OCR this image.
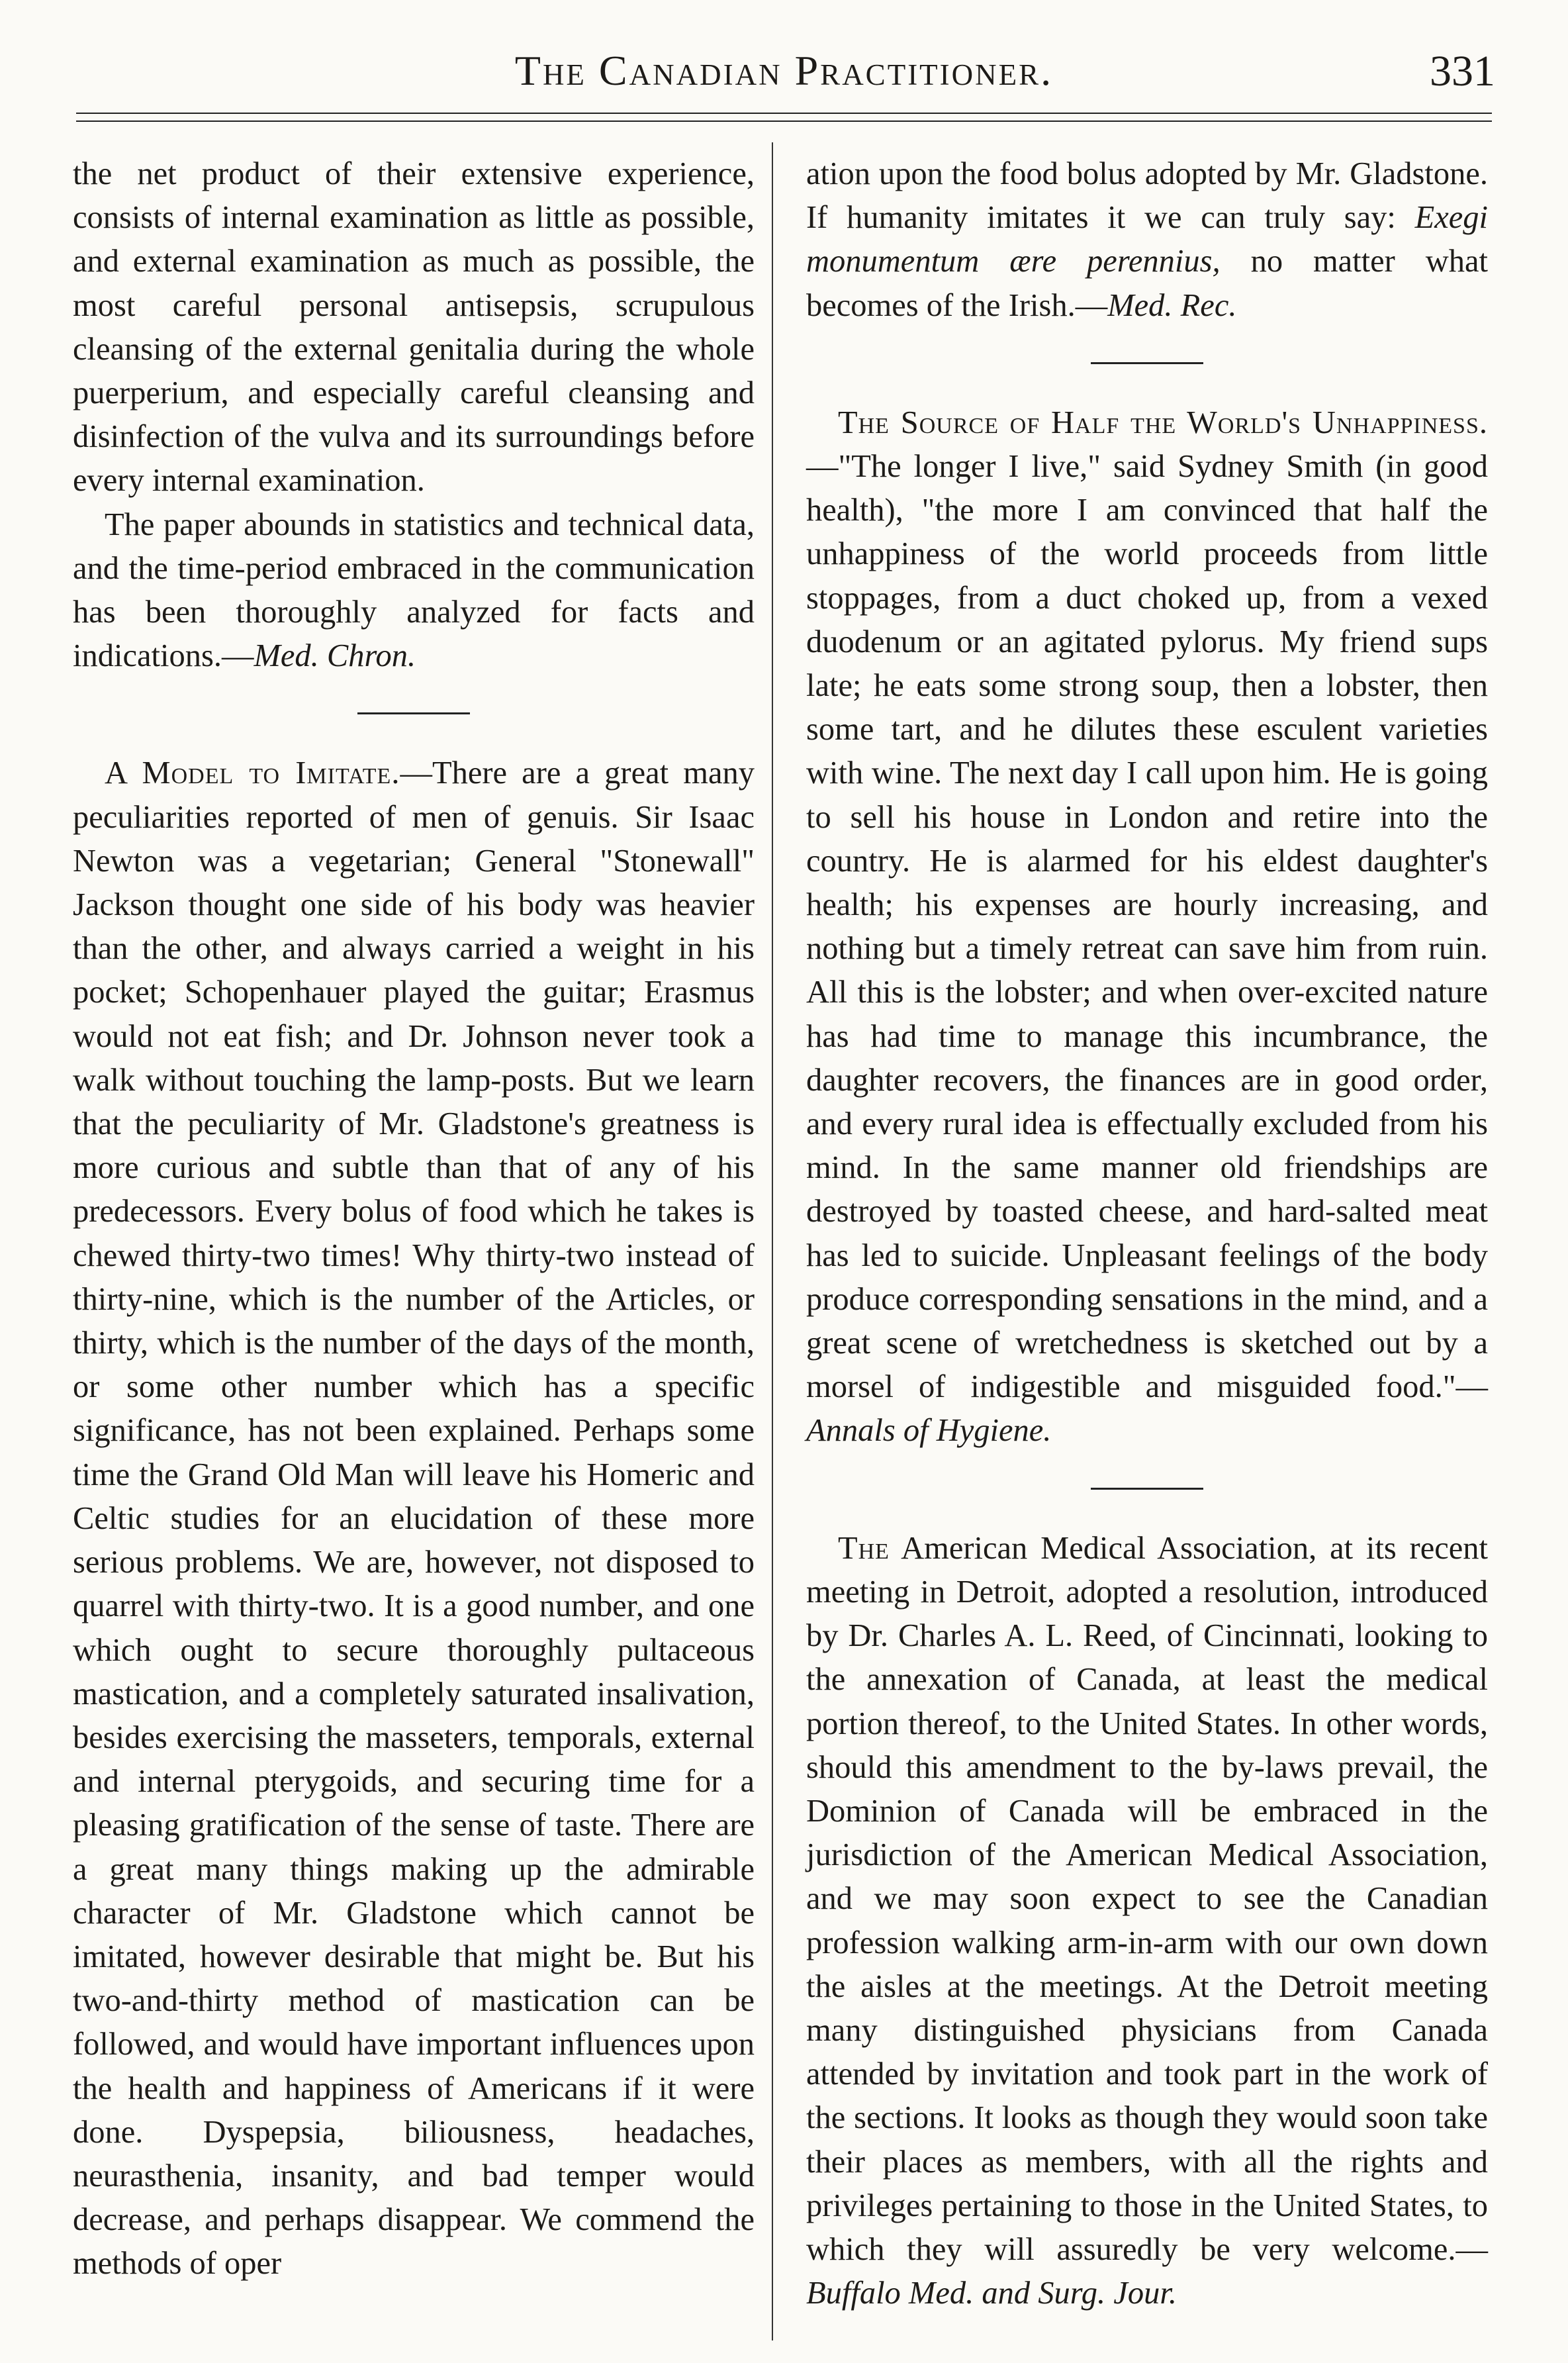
The Canadian Practitioner.	331

the net product of their extensive experience, consists of internal examination as little as possible, and external examination as much as possible, the most careful personal antisepsis, scrupulous cleansing of the external genitalia during the whole puerperium, and especially careful cleansing and disinfection of the vulva and its surroundings before every internal examination.

The paper abounds in statistics and technical data, and the time-period embraced in the communication has been thoroughly analyzed for facts and indications.—Med. Chron.

A Model to Imitate.—There are a great many peculiarities reported of men of genuis. Sir Isaac Newton was a vegetarian; General "Stonewall" Jackson thought one side of his body was heavier than the other, and always carried a weight in his pocket; Schopenhauer played the guitar; Erasmus would not eat fish; and Dr. Johnson never took a walk without touching the lamp-posts. But we learn that the peculiarity of Mr. Gladstone's greatness is more curious and subtle than that of any of his predecessors. Every bolus of food which he takes is chewed thirty-two times! Why thirty-two instead of thirty-nine, which is the number of the Articles, or thirty, which is the number of the days of the month, or some other number which has a specific significance, has not been explained. Perhaps some time the Grand Old Man will leave his Homeric and Celtic studies for an elucidation of these more serious problems. We are, however, not disposed to quarrel with thirty-two. It is a good number, and one which ought to secure thoroughly pultaceous mastication, and a completely saturated insalivation, besides exercising the masseters, temporals, external and internal pterygoids, and securing time for a pleasing gratification of the sense of taste. There are a great many things making up the admirable character of Mr. Gladstone which cannot be imitated, however desirable that might be. But his two-and-thirty method of mastication can be followed, and would have important influences upon the health and happiness of Americans if it were done. Dyspepsia, biliousness, headaches, neurasthenia, insanity, and bad temper would decrease, and perhaps disappear. We commend the methods of oper

ation upon the food bolus adopted by Mr. Gladstone. If humanity imitates it we can truly say: Exegi monumentum ære perennius, no matter what becomes of the Irish.—Med. Rec.

The Source of Half the World's Unhappiness.—"The longer I live," said Sydney Smith (in good health), "the more I am convinced that half the unhappiness of the world proceeds from little stoppages, from a duct choked up, from a vexed duodenum or an agitated pylorus. My friend sups late; he eats some strong soup, then a lobster, then some tart, and he dilutes these esculent varieties with wine. The next day I call upon him. He is going to sell his house in London and retire into the country. He is alarmed for his eldest daughter's health; his expenses are hourly increasing, and nothing but a timely retreat can save him from ruin. All this is the lobster; and when over-excited nature has had time to manage this incumbrance, the daughter recovers, the finances are in good order, and every rural idea is effectually excluded from his mind. In the same manner old friendships are destroyed by toasted cheese, and hard-salted meat has led to suicide. Unpleasant feelings of the body produce corresponding sensations in the mind, and a great scene of wretchedness is sketched out by a morsel of indigestible and misguided food."—Annals of Hygiene.

The American Medical Association, at its recent meeting in Detroit, adopted a resolution, introduced by Dr. Charles A. L. Reed, of Cincinnati, looking to the annexation of Canada, at least the medical portion thereof, to the United States. In other words, should this amendment to the by-laws prevail, the Dominion of Canada will be embraced in the jurisdiction of the American Medical Association, and we may soon expect to see the Canadian profession walking arm-in-arm with our own down the aisles at the meetings. At the Detroit meeting many distinguished physicians from Canada attended by invitation and took part in the work of the sections. It looks as though they would soon take their places as members, with all the rights and privileges pertaining to those in the United States, to which they will assuredly be very welcome.—Buffalo Med. and Surg. Jour.
